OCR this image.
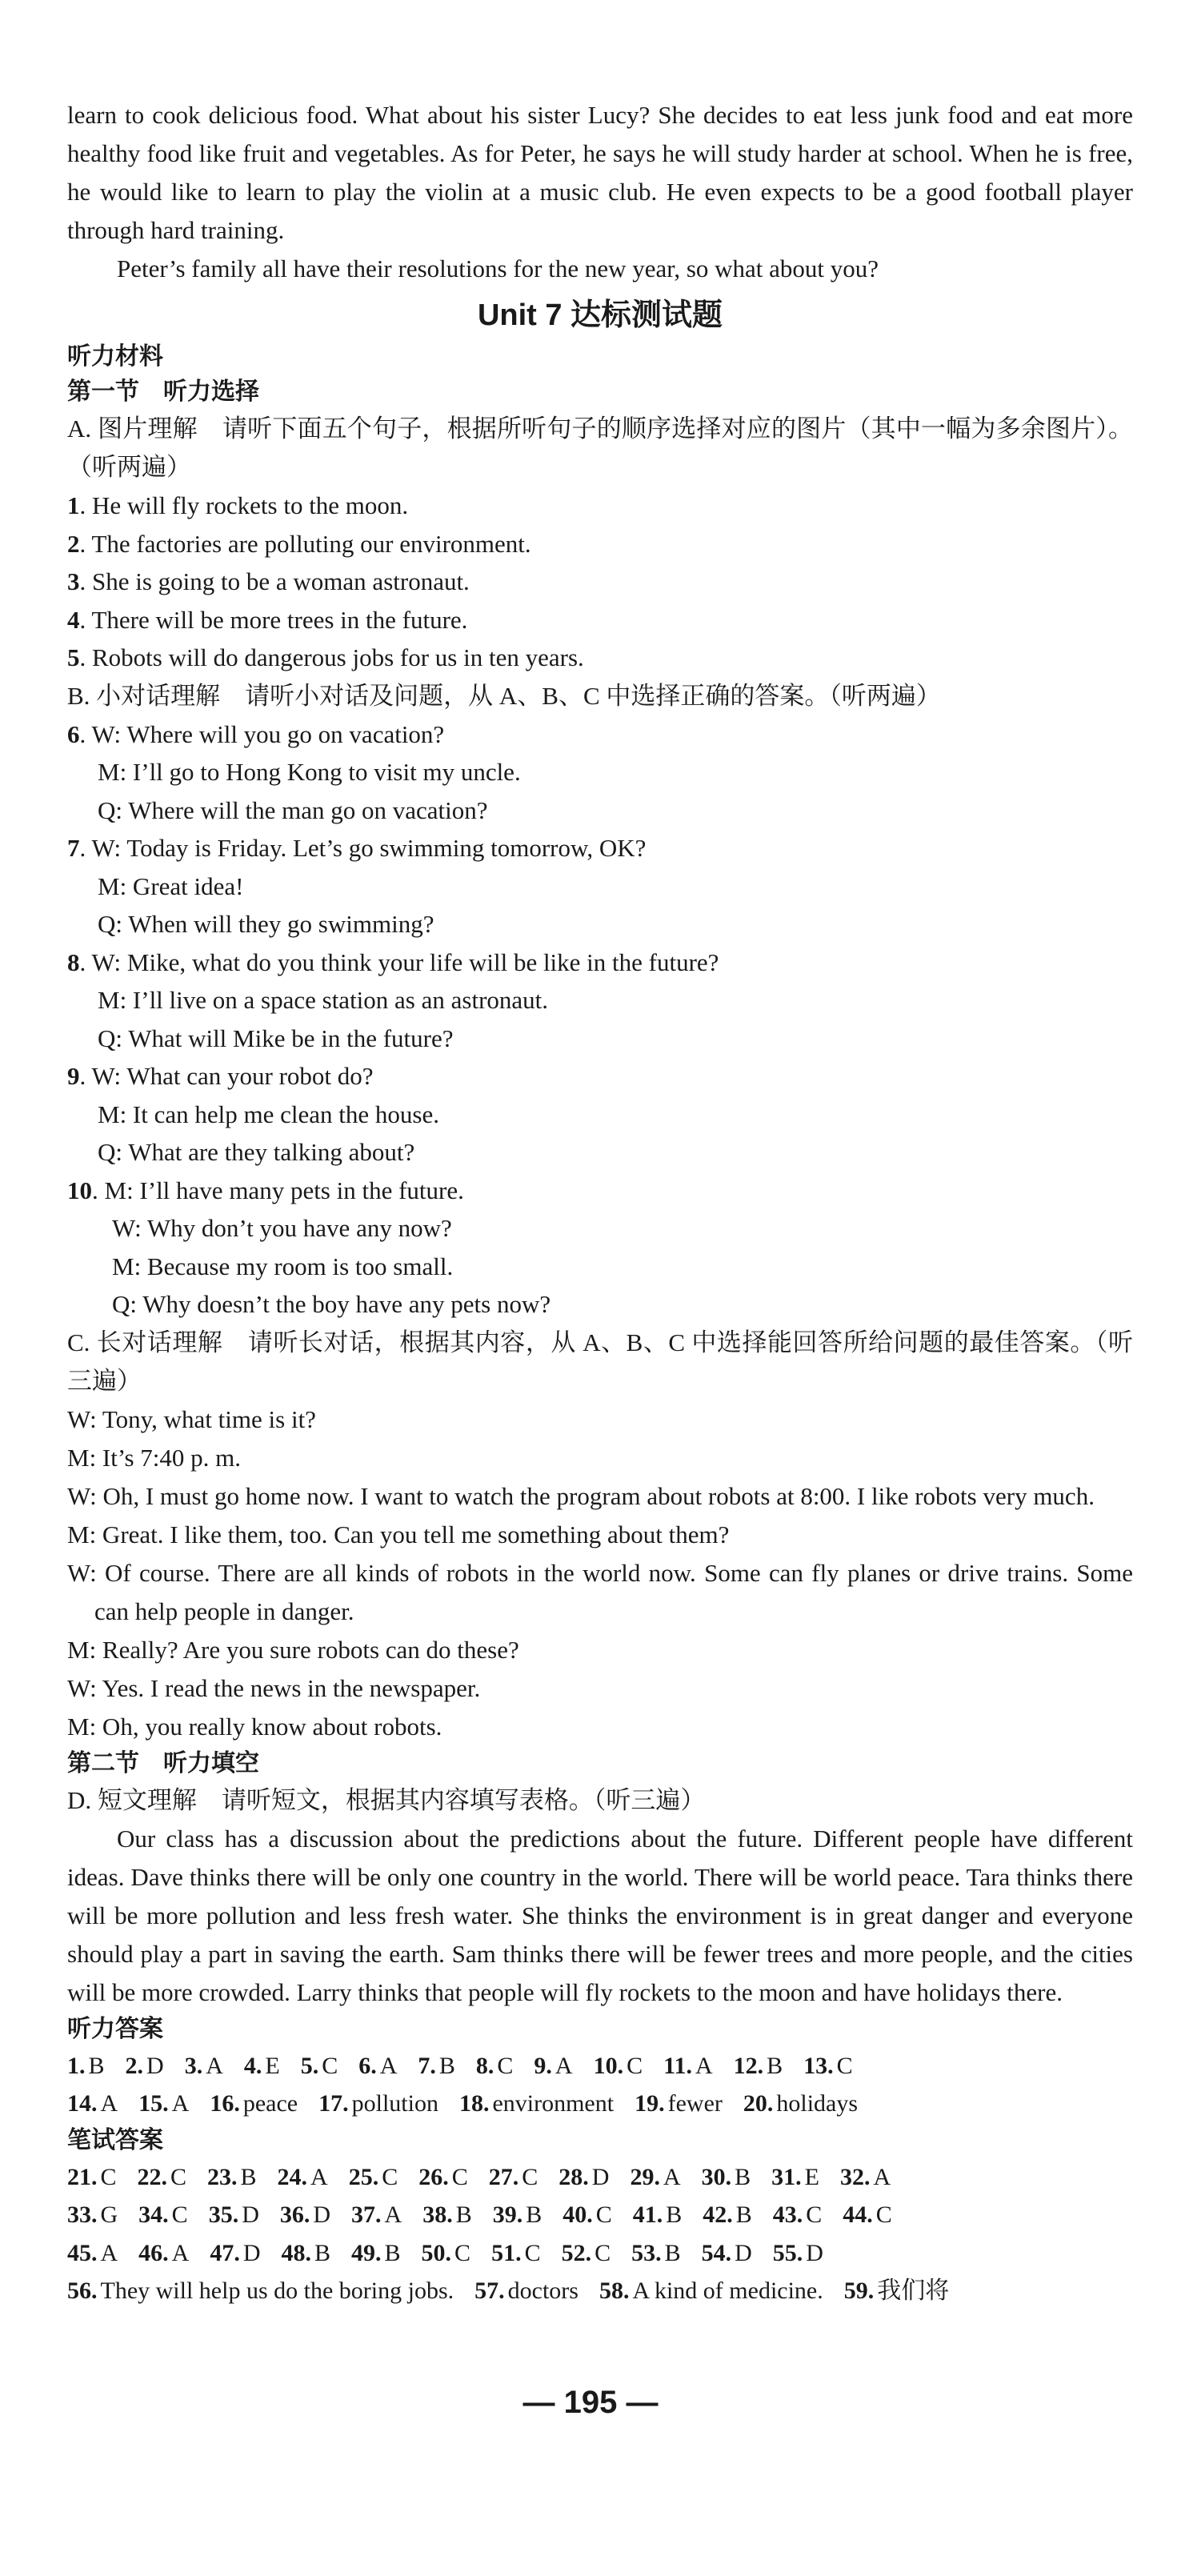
learn to cook delicious food. What about his sister Lucy? She decides to eat less junk food and eat more healthy food like fruit and vegetables. As for Peter, he says he will study harder at school. When he is free, he would like to learn to play the violin at a music club. He even expects to be a good football player through hard training.

Peter’s family all have their resolutions for the new year, so what about you?

Unit 7 达标测试题

听力材料

第一节　听力选择

A. 图片理解　请听下面五个句子，根据所听句子的顺序选择对应的图片（其中一幅为多余图片）。（听两遍）

1. He will fly rockets to the moon.

2. The factories are polluting our environment.

3. She is going to be a woman astronaut.

4. There will be more trees in the future.

5. Robots will do dangerous jobs for us in ten years.

B. 小对话理解　请听小对话及问题，从 A、B、C 中选择正确的答案。（听两遍）

6. W: Where will you go on vacation?

M: I’ll go to Hong Kong to visit my uncle.

Q: Where will the man go on vacation?

7. W: Today is Friday. Let’s go swimming tomorrow, OK?

M: Great idea!

Q: When will they go swimming?

8. W: Mike, what do you think your life will be like in the future?

M: I’ll live on a space station as an astronaut.

Q: What will Mike be in the future?

9. W: What can your robot do?

M: It can help me clean the house.

Q: What are they talking about?

10. M: I’ll have many pets in the future.

W: Why don’t you have any now?

M: Because my room is too small.

Q: Why doesn’t the boy have any pets now?

C. 长对话理解　请听长对话，根据其内容，从 A、B、C 中选择能回答所给问题的最佳答案。（听三遍）

W: Tony, what time is it?

M: It’s 7:40 p. m.

W: Oh, I must go home now. I want to watch the program about robots at 8:00. I like robots very much.

M: Great. I like them, too. Can you tell me something about them?

W: Of course. There are all kinds of robots in the world now. Some can fly planes or drive trains. Some can help people in danger.

M: Really? Are you sure robots can do these?

W: Yes. I read the news in the newspaper.

M: Oh, you really know about robots.

第二节　听力填空

D. 短文理解　请听短文，根据其内容填写表格。（听三遍）

Our class has a discussion about the predictions about the future. Different people have different ideas. Dave thinks there will be only one country in the world. There will be world peace. Tara thinks there will be more pollution and less fresh water. She thinks the environment is in great danger and everyone should play a part in saving the earth. Sam thinks there will be fewer trees and more people, and the cities will be more crowded. Larry thinks that people will fly rockets to the moon and have holidays there.

听力答案

1. B 2. D 3. A 4. E 5. C 6. A 7. B 8. C 9. A 10. C 11. A 12. B 13. C

14. A 15. A 16. peace 17. pollution 18. environment 19. fewer 20. holidays

笔试答案

21. C 22. C 23. B 24. A 25. C 26. C 27. C 28. D 29. A 30. B 31. E 32. A

33. G 34. C 35. D 36. D 37. A 38. B 39. B 40. C 41. B 42. B 43. C 44. C

45. A 46. A 47. D 48. B 49. B 50. C 51. C 52. C 53. B 54. D 55. D

56. They will help us do the boring jobs. 57. doctors 58. A kind of medicine. 59. 我们将

— 195 —
